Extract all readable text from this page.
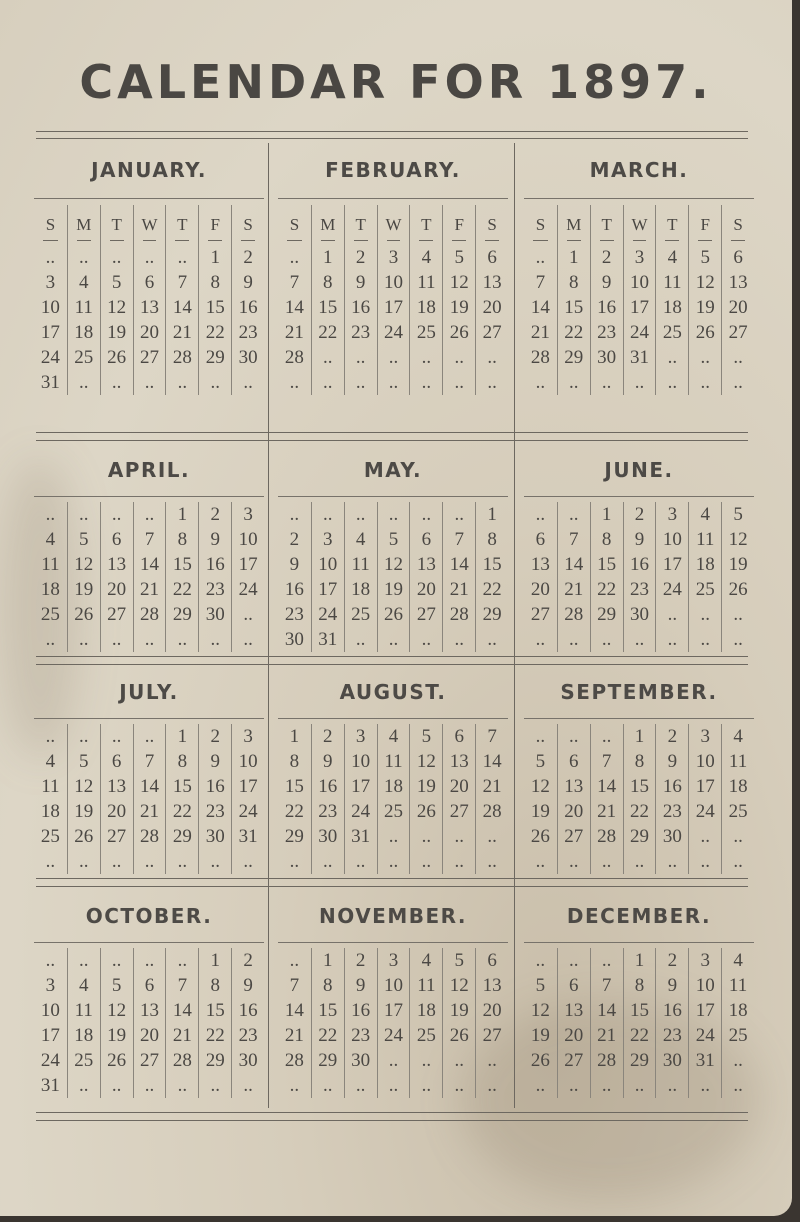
CALENDAR FOR 1897.
JANUARY.
S	M	T	W	T	F	S
..	..	..	..	..	1	2
3	4	5	6	7	8	9
10 11 12 13 14 15 16
17 18 19 20 21 22 23
24 25 26 27 28 29 30
31	..	..	..	..	..	..
FEBRUARY.
S	M	T	W	T	F	S
..	1	2	3	4	5	6
7	8	9 10 11 12 13
14 15 16 17 18 19 20
21 22 23 24 25 26 27
28	..	..	..	..	..	..
..	..	..	..	..	..	..
MARCH.
S	M	T	W	T	F	S
..	1	2	3	4	5	6
7	8	9 10 11 12 13
14 15 16 17 18 19 20
21 22 23 24 25 26 27
28 29 30 31 ..	..	..
..	..	..	..	..	..	..
APRIL.
..	..	..	..	1	2	3
4	5	6	7	8	9 10
11 12 13 14 15 16 17
18 19 20 21 22 23 24
25 26 27 28 29 30 ..
..	..	..	..	..	..	..
MAY.
..	..	..	..	..	..	1
2	3	4	5	6	7	8
9	10 11 12 13 14 15
16 17 18 19 20 21 22
23 24 25 26 27 28 29
30 31 ..	..	..	..	..
JUNE.
..	..	1	2	3	4	5
6	7	8	9 10 11 12
13 14 15 16 17 18 19
20 21 22 23 24 25 26
27 28 29 30 ..	..	..
..	..	..	..	..	..	..
JULY.
..	..	..	..	1	2	3
4	5	6	7	8	9 10
11 12 13 14 15 16 17
18 19 20 21 22 23 24
25 26 27 28 29 30 31
..	..	..	..	..	..	..
AUGUST.
1	2	3	4	5	6	7
8	9 10 11 12 13 14
15 16 17 18 19 20 21
22 23 24 25 26 27 28
29 30 31 ..	..	..	..
..	..	..	..	..	..	..
SEPTEMBER.
..	..	..	1	2	3	4
5	6	7	8	9 10 11
12 13 14 15 16 17 18
19 20 21 22 23 24 25
26 27 28 29 30 ..	..
..	..	..	..	..	..	..
OCTOBER.
..	..	..	..	..	1	2
3	4	5	6	7	8	9
10 11 12 13 14 15 16
17 18 19 20 21 22 23
24 25 26 27 28 29 30
31	..	..	..	..	..	..
NOVEMBER.
..	1	2	3	4	5	6
7	8	9 10 11 12 13
14 15 16 17 18 19 20
21 22 23 24 25 26 27
28 29 30 ..	..	..	..
..	..	..	..	..	..	..
DECEMBER.
..	..	..	1	2	3	4
5	6	7	8	9 10 11
12 13 14 15 16 17 18
19 20 21 22 23 24 25
26 27 28 29 30 31 ..
..	..	..	..	..	..	..
